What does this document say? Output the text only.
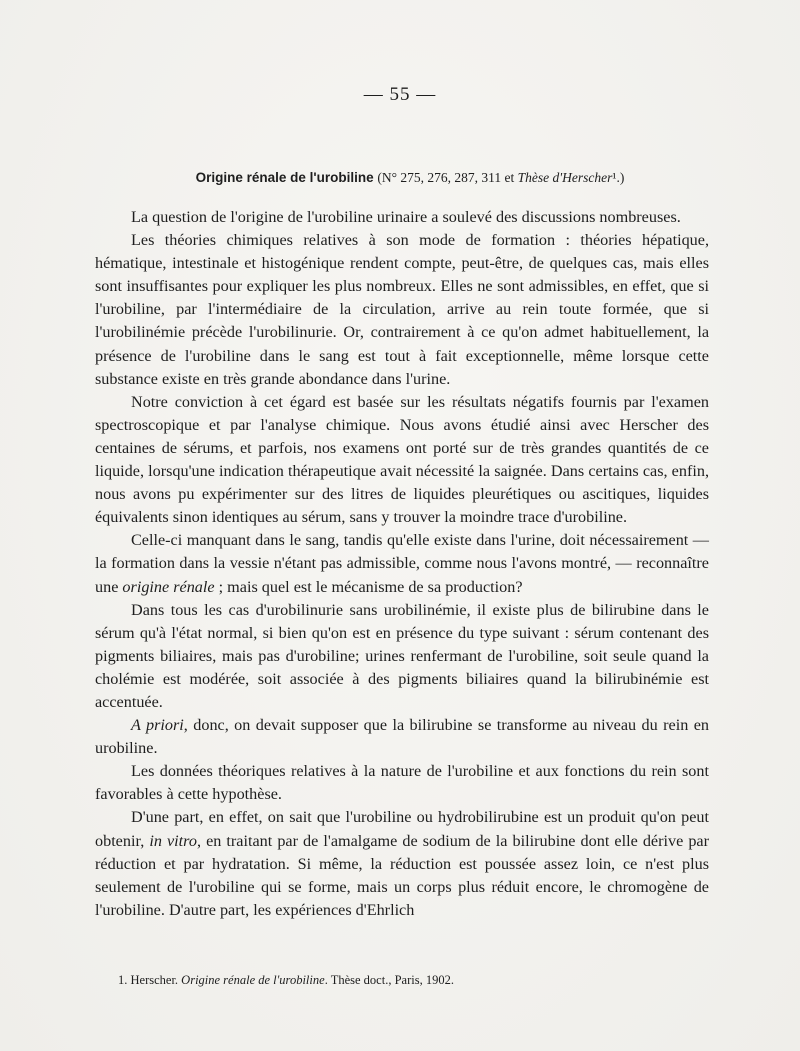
— 55 —
Origine rénale de l'urobiline (N° 275, 276, 287, 311 et Thèse d'Herscher¹.)

La question de l'origine de l'urobiline urinaire a soulevé des discussions nombreuses.

Les théories chimiques relatives à son mode de formation : théories hépatique, hématique, intestinale et histogénique rendent compte, peut-être, de quelques cas, mais elles sont insuffisantes pour expliquer les plus nombreux. Elles ne sont admissibles, en effet, que si l'urobiline, par l'intermédiaire de la circulation, arrive au rein toute formée, que si l'urobilinémie précède l'urobilinurie. Or, contrairement à ce qu'on admet habituellement, la présence de l'urobiline dans le sang est tout à fait exceptionnelle, même lorsque cette substance existe en très grande abondance dans l'urine.

Notre conviction à cet égard est basée sur les résultats négatifs fournis par l'examen spectroscopique et par l'analyse chimique. Nous avons étudié ainsi avec Herscher des centaines de sérums, et parfois, nos examens ont porté sur de très grandes quantités de ce liquide, lorsqu'une indication thérapeutique avait nécessité la saignée. Dans certains cas, enfin, nous avons pu expérimenter sur des litres de liquides pleurétiques ou ascitiques, liquides équivalents sinon identiques au sérum, sans y trouver la moindre trace d'urobiline.

Celle-ci manquant dans le sang, tandis qu'elle existe dans l'urine, doit nécessairement — la formation dans la vessie n'étant pas admissible, comme nous l'avons montré, — reconnaître une origine rénale ; mais quel est le mécanisme de sa production?

Dans tous les cas d'urobilinurie sans urobilinémie, il existe plus de bilirubine dans le sérum qu'à l'état normal, si bien qu'on est en présence du type suivant : sérum contenant des pigments biliaires, mais pas d'urobiline; urines renfermant de l'urobiline, soit seule quand la cholémie est modérée, soit associée à des pigments biliaires quand la bilirubinémie est accentuée.

A priori, donc, on devait supposer que la bilirubine se transforme au niveau du rein en urobiline.

Les données théoriques relatives à la nature de l'urobiline et aux fonctions du rein sont favorables à cette hypothèse.

D'une part, en effet, on sait que l'urobiline ou hydrobilirubine est un produit qu'on peut obtenir, in vitro, en traitant par de l'amalgame de sodium de la bilirubine dont elle dérive par réduction et par hydratation. Si même, la réduction est poussée assez loin, ce n'est plus seulement de l'urobiline qui se forme, mais un corps plus réduit encore, le chromogène de l'urobiline. D'autre part, les expériences d'Ehrlich

1. Herscher. Origine rénale de l'urobiline. Thèse doct., Paris, 1902.
